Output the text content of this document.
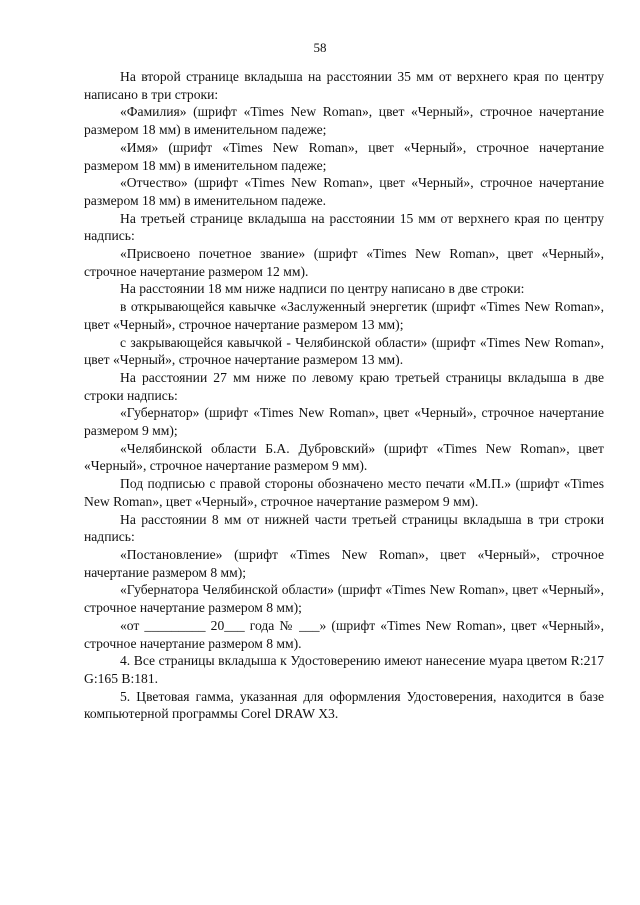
58

На второй странице вкладыша на расстоянии 35 мм от верхнего края по центру написано в три строки:

«Фамилия» (шрифт «Times New Roman», цвет «Черный», строчное начертание размером 18 мм) в именительном падеже;

«Имя» (шрифт «Times New Roman», цвет «Черный», строчное начертание размером 18 мм) в именительном падеже;

«Отчество» (шрифт «Times New Roman», цвет «Черный», строчное начертание размером 18 мм) в именительном падеже.

На третьей странице вкладыша на расстоянии 15 мм от верхнего края по центру надпись:

«Присвоено почетное звание» (шрифт «Times New Roman», цвет «Черный», строчное начертание размером 12 мм).

На расстоянии 18 мм ниже надписи по центру написано в две строки:

в открывающейся кавычке «Заслуженный энергетик (шрифт «Times New Roman», цвет «Черный», строчное начертание размером 13 мм);

с закрывающейся кавычкой - Челябинской области» (шрифт «Times New Roman», цвет «Черный», строчное начертание размером 13 мм).

На расстоянии 27 мм ниже по левому краю третьей страницы вкладыша в две строки надпись:

«Губернатор» (шрифт «Times New Roman», цвет «Черный», строчное начертание размером 9 мм);

«Челябинской области Б.А. Дубровский» (шрифт «Times New Roman», цвет «Черный», строчное начертание размером 9 мм).

Под подписью с правой стороны обозначено место печати «М.П.» (шрифт «Times New Roman», цвет «Черный», строчное начертание размером 9 мм).

На расстоянии 8 мм от нижней части третьей страницы вкладыша в три строки надпись:

«Постановление» (шрифт «Times New Roman», цвет «Черный», строчное начертание размером 8 мм);

«Губернатора Челябинской области» (шрифт «Times New Roman», цвет «Черный», строчное начертание размером 8 мм);

«от _________ 20___ года № ___» (шрифт «Times New Roman», цвет «Черный», строчное начертание размером 8 мм).

4. Все страницы вкладыша к Удостоверению имеют нанесение муара цветом R:217 G:165 B:181.

5. Цветовая гамма, указанная для оформления Удостоверения, находится в базе компьютерной программы Corel DRAW X3.
